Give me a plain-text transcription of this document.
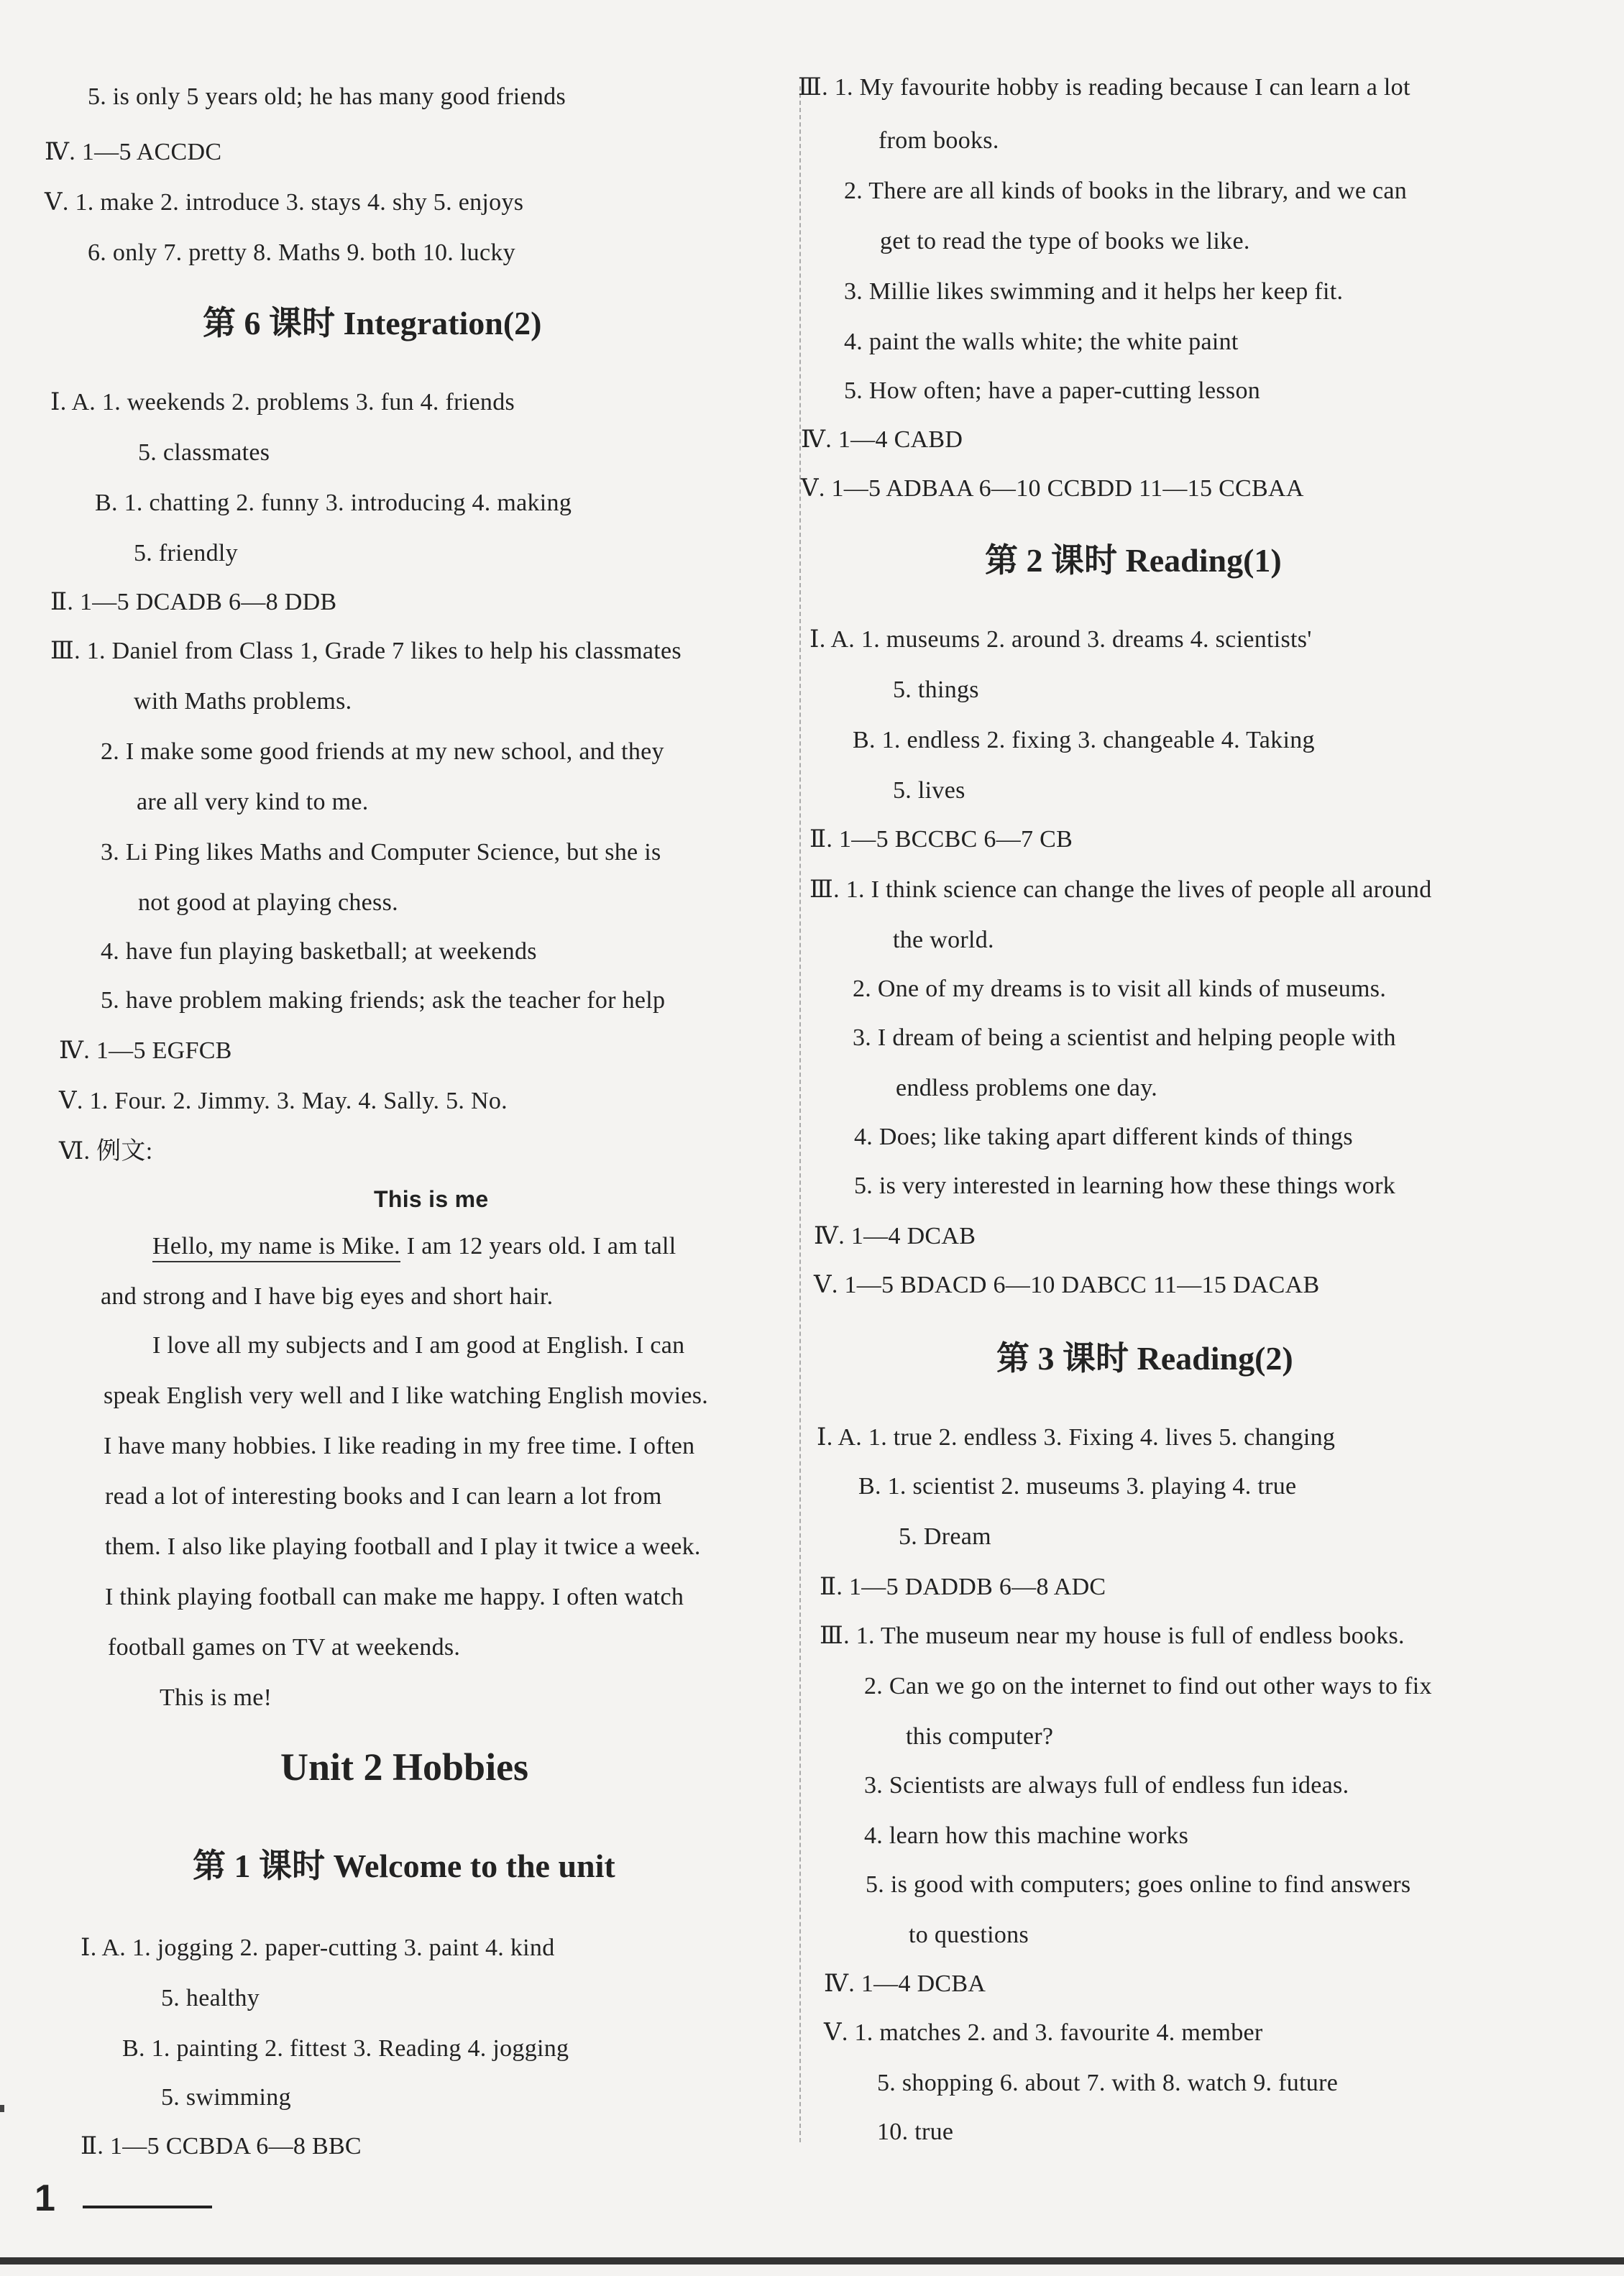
5. is only 5 years old; he has many good friends
Ⅳ. 1—5 ACCDC
Ⅴ. 1. make 2. introduce 3. stays 4. shy 5. enjoys
6. only 7. pretty 8. Maths 9. both 10. lucky
第 6 课时 Integration(2)
Ⅰ. A. 1. weekends 2. problems 3. fun 4. friends
5. classmates
B. 1. chatting 2. funny 3. introducing 4. making
5. friendly
Ⅱ. 1—5 DCADB 6—8 DDB
Ⅲ. 1. Daniel from Class 1, Grade 7 likes to help his classmates
with Maths problems.
2. I make some good friends at my new school, and they
are all very kind to me.
3. Li Ping likes Maths and Computer Science, but she is
not good at playing chess.
4. have fun playing basketball; at weekends
5. have problem making friends; ask the teacher for help
Ⅳ. 1—5 EGFCB
Ⅴ. 1. Four. 2. Jimmy. 3. May. 4. Sally. 5. No.
Ⅵ. 例文:
This is me
Hello, my name is Mike. I am 12 years old. I am tall
and strong and I have big eyes and short hair.
I love all my subjects and I am good at English. I can
speak English very well and I like watching English movies.
I have many hobbies. I like reading in my free time. I often
read a lot of interesting books and I can learn a lot from
them. I also like playing football and I play it twice a week.
I think playing football can make me happy. I often watch
football games on TV at weekends.
This is me!
Unit 2 Hobbies
第 1 课时 Welcome to the unit
Ⅰ. A. 1. jogging 2. paper-cutting 3. paint 4. kind
5. healthy
B. 1. painting 2. fittest 3. Reading 4. jogging
5. swimming
Ⅱ. 1—5 CCBDA 6—8 BBC
Ⅲ. 1. My favourite hobby is reading because I can learn a lot
from books.
2. There are all kinds of books in the library, and we can
get to read the type of books we like.
3. Millie likes swimming and it helps her keep fit.
4. paint the walls white; the white paint
5. How often; have a paper-cutting lesson
Ⅳ. 1—4 CABD
Ⅴ. 1—5 ADBAA 6—10 CCBDD 11—15 CCBAA
第 2 课时 Reading(1)
Ⅰ. A. 1. museums 2. around 3. dreams 4. scientists'
5. things
B. 1. endless 2. fixing 3. changeable 4. Taking
5. lives
Ⅱ. 1—5 BCCBC 6—7 CB
Ⅲ. 1. I think science can change the lives of people all around
the world.
2. One of my dreams is to visit all kinds of museums.
3. I dream of being a scientist and helping people with
endless problems one day.
4. Does; like taking apart different kinds of things
5. is very interested in learning how these things work
Ⅳ. 1—4 DCAB
Ⅴ. 1—5 BDACD 6—10 DABCC 11—15 DACAB
第 3 课时 Reading(2)
Ⅰ. A. 1. true 2. endless 3. Fixing 4. lives 5. changing
B. 1. scientist 2. museums 3. playing 4. true
5. Dream
Ⅱ. 1—5 DADDB 6—8 ADC
Ⅲ. 1. The museum near my house is full of endless books.
2. Can we go on the internet to find out other ways to fix
this computer?
3. Scientists are always full of endless fun ideas.
4. learn how this machine works
5. is good with computers; goes online to find answers
to questions
Ⅳ. 1—4 DCBA
Ⅴ. 1. matches 2. and 3. favourite 4. member
5. shopping 6. about 7. with 8. watch 9. future
10. true
1
